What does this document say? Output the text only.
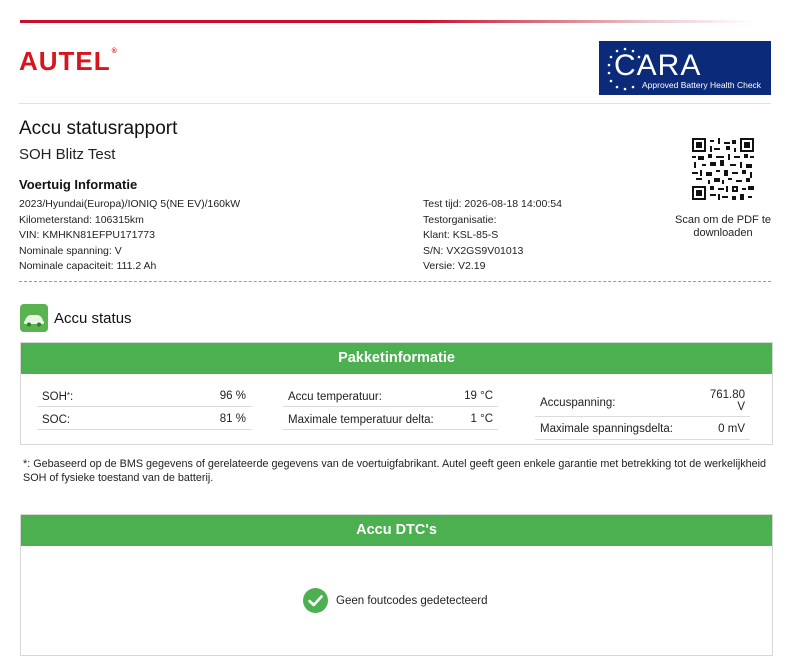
AUTEL®	CARA
Approved Battery Health Check
Accu statusrapport
SOH Blitz Test
Scan om de PDF te downloaden
Voertuig Informatie
2023/Hyundai(Europa)/IONIQ 5(NE EV)/160kW
Kilometerstand: 106315km
VIN: KMHKN81EFPU171773
Nominale spanning: V
Nominale capaciteit: 111.2 Ah
Test tijd: 2026-08-18 14:00:54
Testorganisatie:
Klant: KSL-85-S
S/N: VX2GS9V01013
Versie: V2.19
Accu status
Pakketinformatie
SOH*:	96 %
SOC:	81 %
Accu temperatuur:	19 °C
Maximale temperatuur delta:	1 °C
Accuspanning:
761.80
V
Maximale spanningsdelta:	0 mV
*: Gebaseerd op de BMS gegevens of gerelateerde gegevens van de voertuigfabrikant. Autel geeft geen enkele garantie met betrekking tot de werkelijkheid SOH of fysieke toestand van de batterij.
Accu DTC's
Geen foutcodes gedetecteerd
